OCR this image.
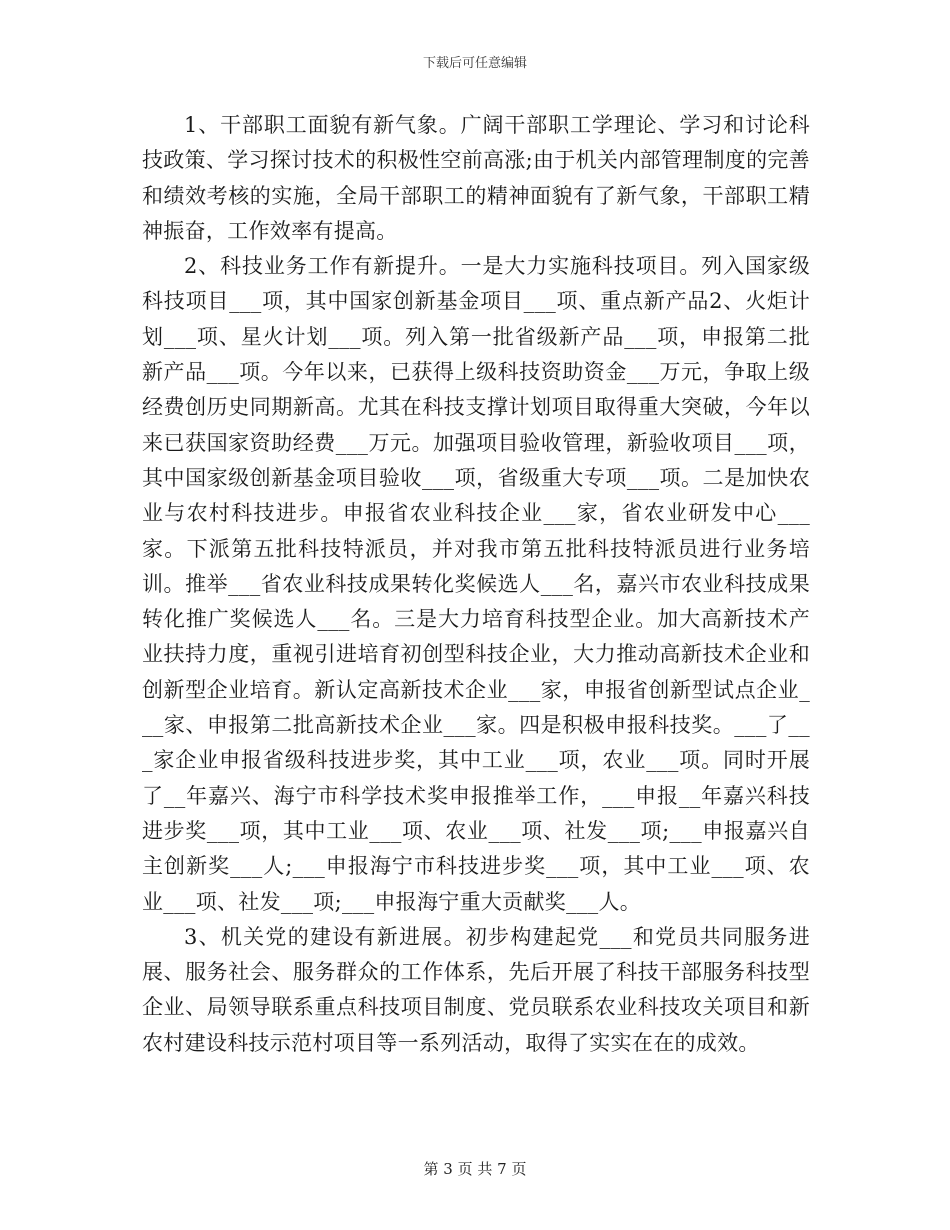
下载后可任意编辑

1、干部职工面貌有新气象。广阔干部职工学理论、学习和讨论科技政策、学习探讨技术的积极性空前高涨;由于机关内部管理制度的完善和绩效考核的实施，全局干部职工的精神面貌有了新气象，干部职工精神振奋，工作效率有提高。

2、科技业务工作有新提升。一是大力实施科技项目。列入国家级科技项目___项，其中国家创新基金项目___项、重点新产品2、火炬计划___项、星火计划___项。列入第一批省级新产品___项，申报第二批新产品___项。今年以来，已获得上级科技资助资金___万元，争取上级经费创历史同期新高。尤其在科技支撑计划项目取得重大突破，今年以来已获国家资助经费___万元。加强项目验收管理，新验收项目___项，其中国家级创新基金项目验收___项，省级重大专项___项。二是加快农业与农村科技进步。申报省农业科技企业___家，省农业研发中心___家。下派第五批科技特派员，并对我市第五批科技特派员进行业务培训。推举___省农业科技成果转化奖候选人___名，嘉兴市农业科技成果转化推广奖候选人___名。三是大力培育科技型企业。加大高新技术产业扶持力度，重视引进培育初创型科技企业，大力推动高新技术企业和创新型企业培育。新认定高新技术企业___家，申报省创新型试点企业___家、申报第二批高新技术企业___家。四是积极申报科技奖。___了___家企业申报省级科技进步奖，其中工业___项，农业___项。同时开展了__年嘉兴、海宁市科学技术奖申报推举工作，___申报__年嘉兴科技进步奖___项，其中工业___项、农业___项、社发___项;___申报嘉兴自主创新奖___人;___申报海宁市科技进步奖___项，其中工业___项、农业___项、社发___项;___申报海宁重大贡献奖___人。

3、机关党的建设有新进展。初步构建起党___和党员共同服务进展、服务社会、服务群众的工作体系，先后开展了科技干部服务科技型企业、局领导联系重点科技项目制度、党员联系农业科技攻关项目和新农村建设科技示范村项目等一系列活动，取得了实实在在的成效。

第 3 页 共 7 页
